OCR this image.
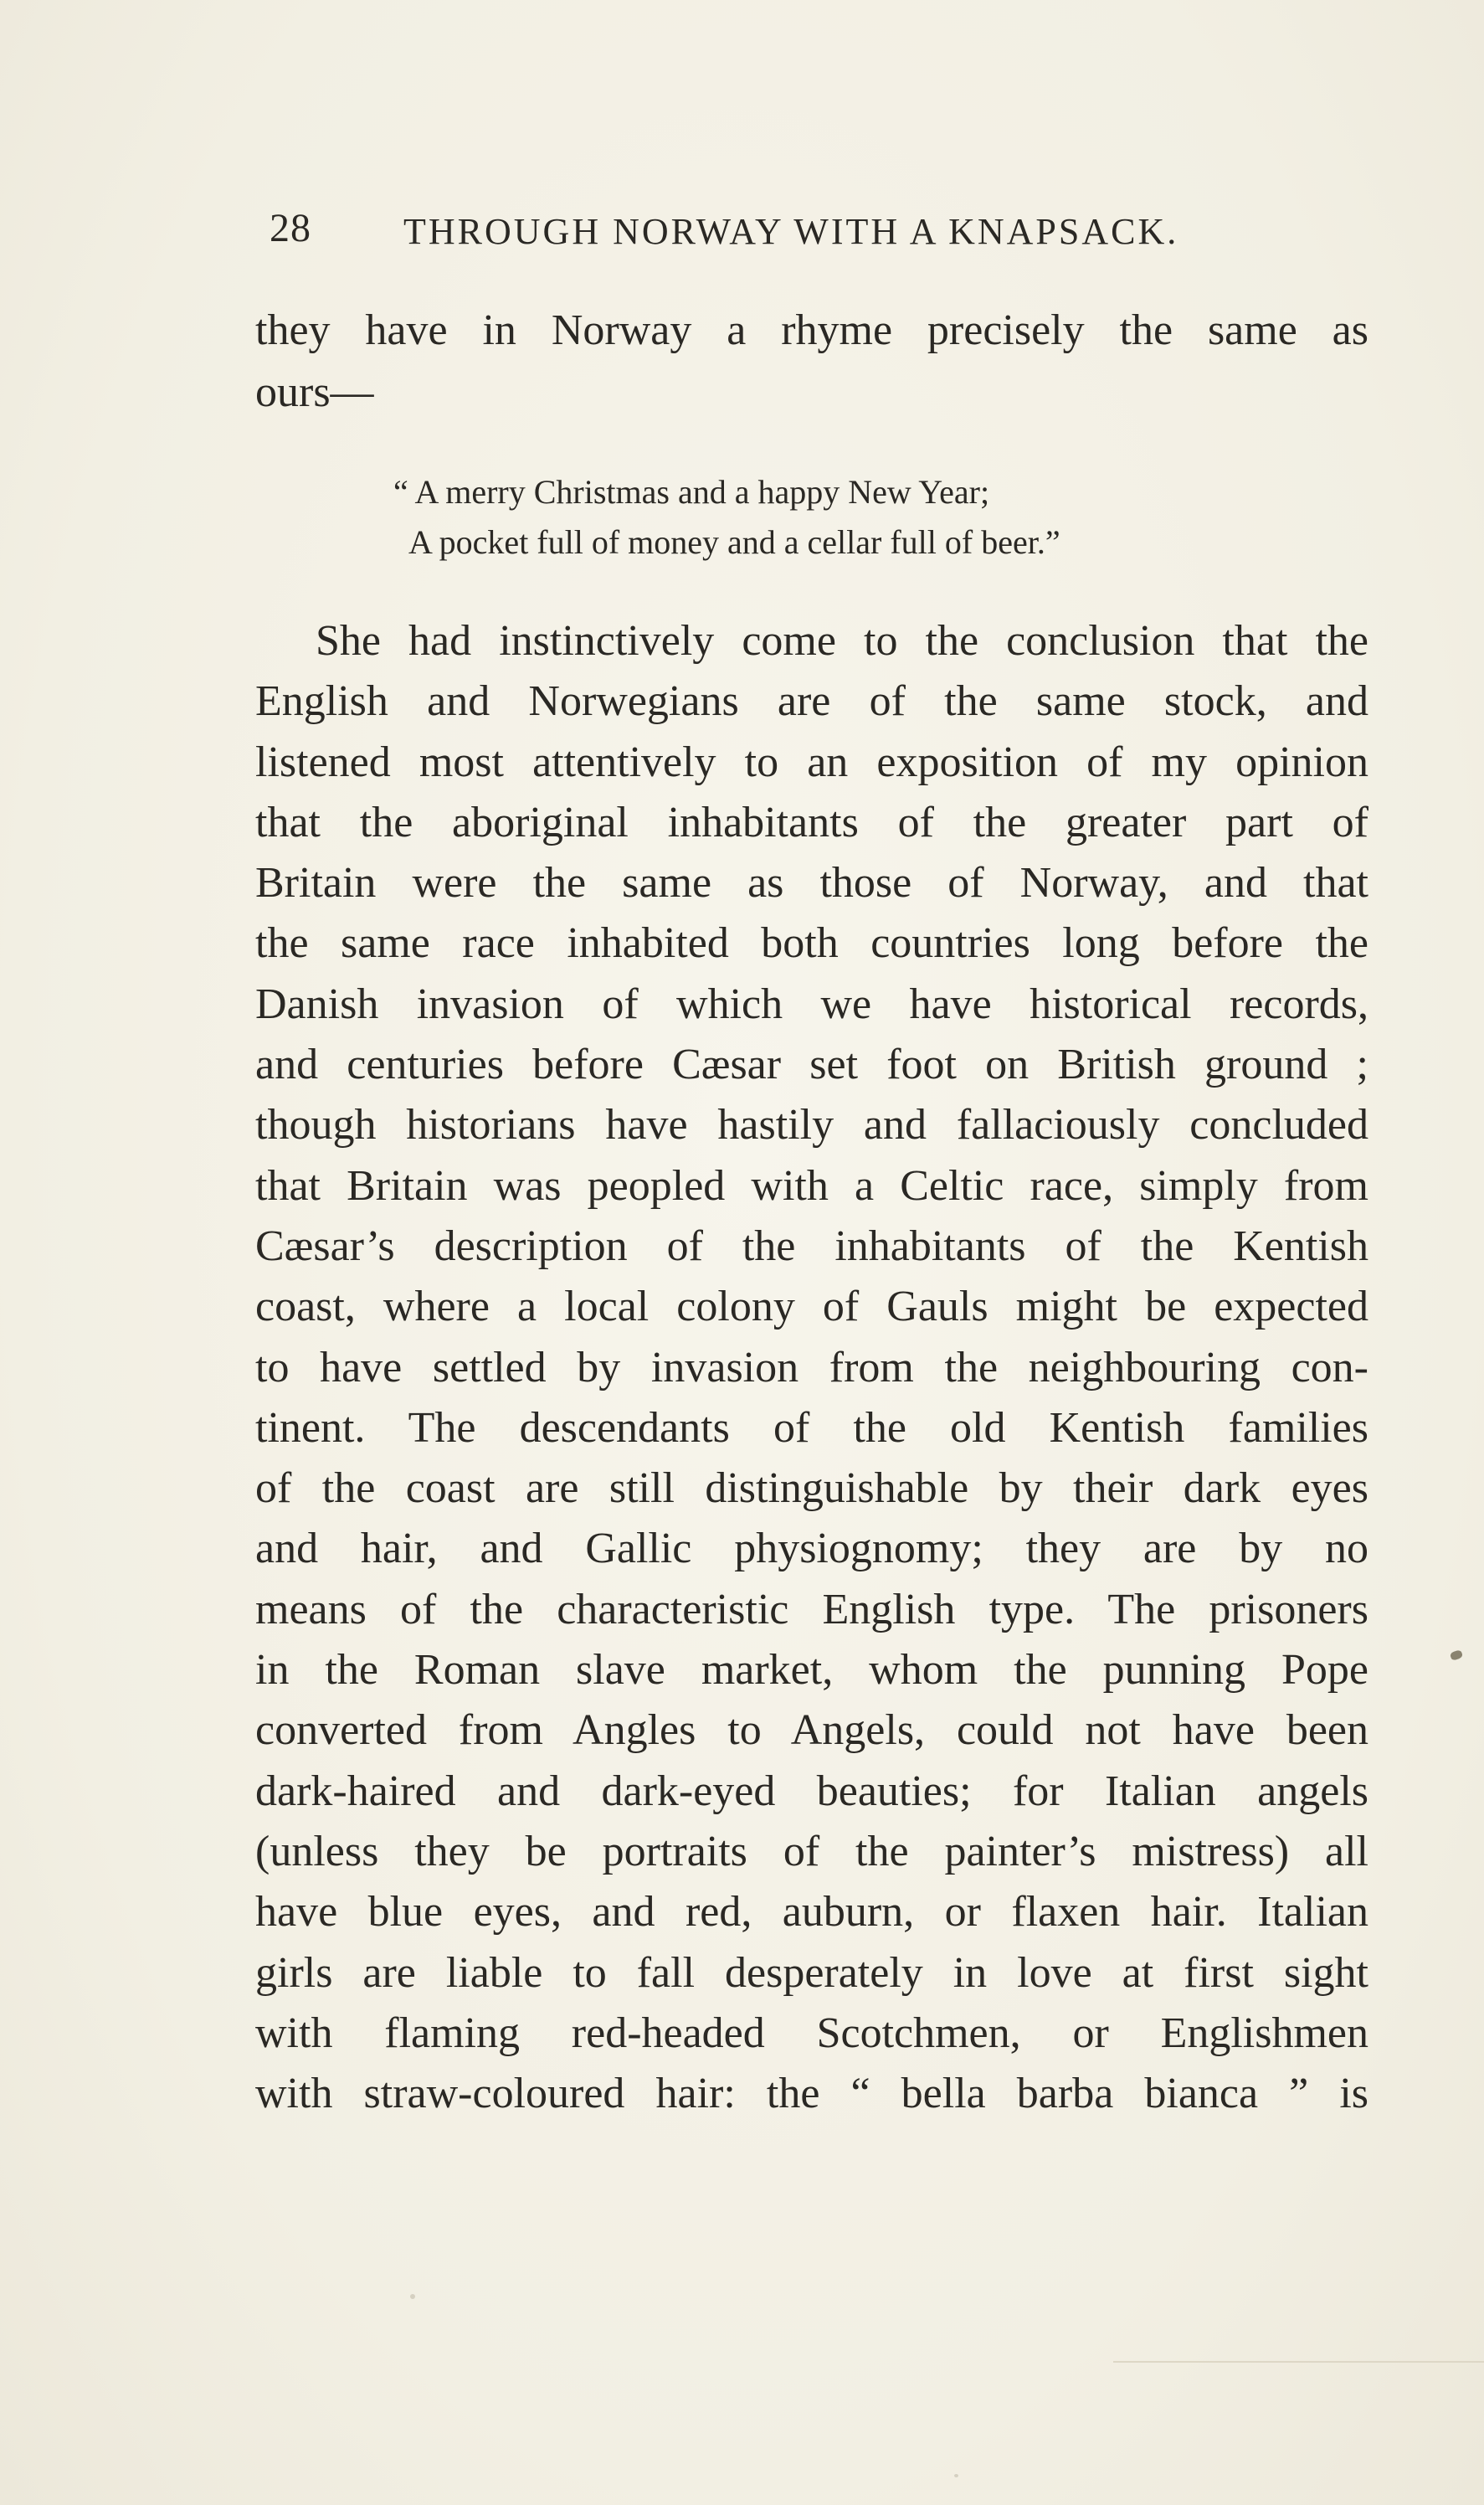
28	THROUGH NORWAY WITH A KNAPSACK.
they have in Norway a rhyme precisely the same as
ours—
“ A merry Christmas and a happy New Year;
A pocket full of money and a cellar full of beer.”
She had instinctively come to the conclusion that the
English and Norwegians are of the same stock, and
listened most attentively to an exposition of my opinion
that the aboriginal inhabitants of the greater part of
Britain were the same as those of Norway, and that
the same race inhabited both countries long before the
Danish invasion of which we have historical records,
and centuries before Cæsar set foot on British ground ;
though historians have hastily and fallaciously concluded
that Britain was peopled with a Celtic race, simply from
Cæsar’s description of the inhabitants of the Kentish
coast, where a local colony of Gauls might be expected
to have settled by invasion from the neighbouring con-
tinent. The descendants of the old Kentish families
of the coast are still distinguishable by their dark eyes
and hair, and Gallic physiognomy; they are by no
means of the characteristic English type. The prisoners
in the Roman slave market, whom the punning Pope
converted from Angles to Angels, could not have been
dark-haired and dark-eyed beauties; for Italian angels
(unless they be portraits of the painter’s mistress) all
have blue eyes, and red, auburn, or flaxen hair. Italian
girls are liable to fall desperately in love at first sight
with flaming red-headed Scotchmen, or Englishmen
with straw-coloured hair: the “ bella barba bianca ” is
